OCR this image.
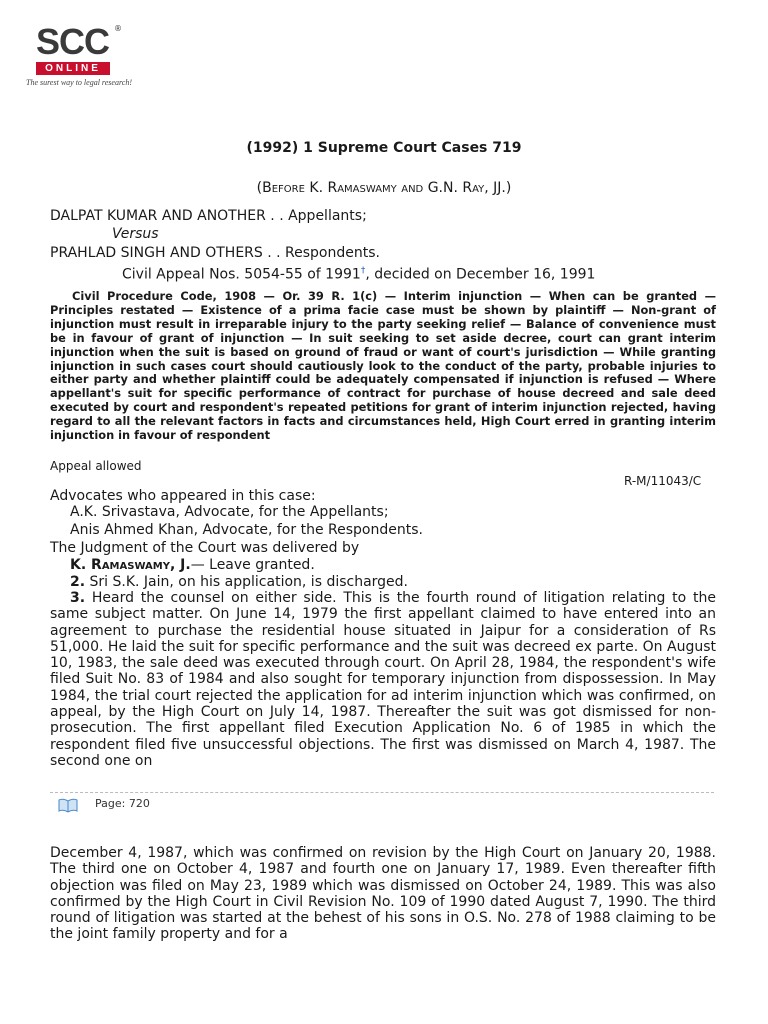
SCC ®
ONLINE
The surest way to legal research!
(1992) 1 Supreme Court Cases 719
(Before K. Ramaswamy and G.N. Ray, JJ.)
DALPAT KUMAR AND ANOTHER . . Appellants;
Versus
PRAHLAD SINGH AND OTHERS . . Respondents.
Civil Appeal Nos. 5054-55 of 1991†, decided on December 16, 1991
Civil Procedure Code, 1908 — Or. 39 R. 1(c) — Interim injunction — When can be granted — Principles restated — Existence of a prima facie case must be shown by plaintiff — Non-grant of injunction must result in irreparable injury to the party seeking relief — Balance of convenience must be in favour of grant of injunction — In suit seeking to set aside decree, court can grant interim injunction when the suit is based on ground of fraud or want of court's jurisdiction — While granting injunction in such cases court should cautiously look to the conduct of the party, probable injuries to either party and whether plaintiff could be adequately compensated if injunction is refused — Where appellant's suit for specific performance of contract for purchase of house decreed and sale deed executed by court and respondent's repeated petitions for grant of interim injunction rejected, having regard to all the relevant factors in facts and circumstances held, High Court erred in granting interim injunction in favour of respondent
Appeal allowed
R-M/11043/C
Advocates who appeared in this case:
A.K. Srivastava, Advocate, for the Appellants;
Anis Ahmed Khan, Advocate, for the Respondents.
The Judgment of the Court was delivered by
K. Ramaswamy, J.— Leave granted.
2. Sri S.K. Jain, on his application, is discharged.
3. Heard the counsel on either side. This is the fourth round of litigation relating to the same subject matter. On June 14, 1979 the first appellant claimed to have entered into an agreement to purchase the residential house situated in Jaipur for a consideration of Rs 51,000. He laid the suit for specific performance and the suit was decreed ex parte. On August 10, 1983, the sale deed was executed through court. On April 28, 1984, the respondent's wife filed Suit No. 83 of 1984 and also sought for temporary injunction from dispossession. In May 1984, the trial court rejected the application for ad interim injunction which was confirmed, on appeal, by the High Court on July 14, 1987. Thereafter the suit was got dismissed for non-prosecution. The first appellant filed Execution Application No. 6 of 1985 in which the respondent filed five unsuccessful objections. The first was dismissed on March 4, 1987. The second one on
Page: 720
December 4, 1987, which was confirmed on revision by the High Court on January 20, 1988. The third one on October 4, 1987 and fourth one on January 17, 1989. Even thereafter fifth objection was filed on May 23, 1989 which was dismissed on October 24, 1989. This was also confirmed by the High Court in Civil Revision No. 109 of 1990 dated August 7, 1990. The third round of litigation was started at the behest of his sons in O.S. No. 278 of 1988 claiming to be the joint family property and for a
